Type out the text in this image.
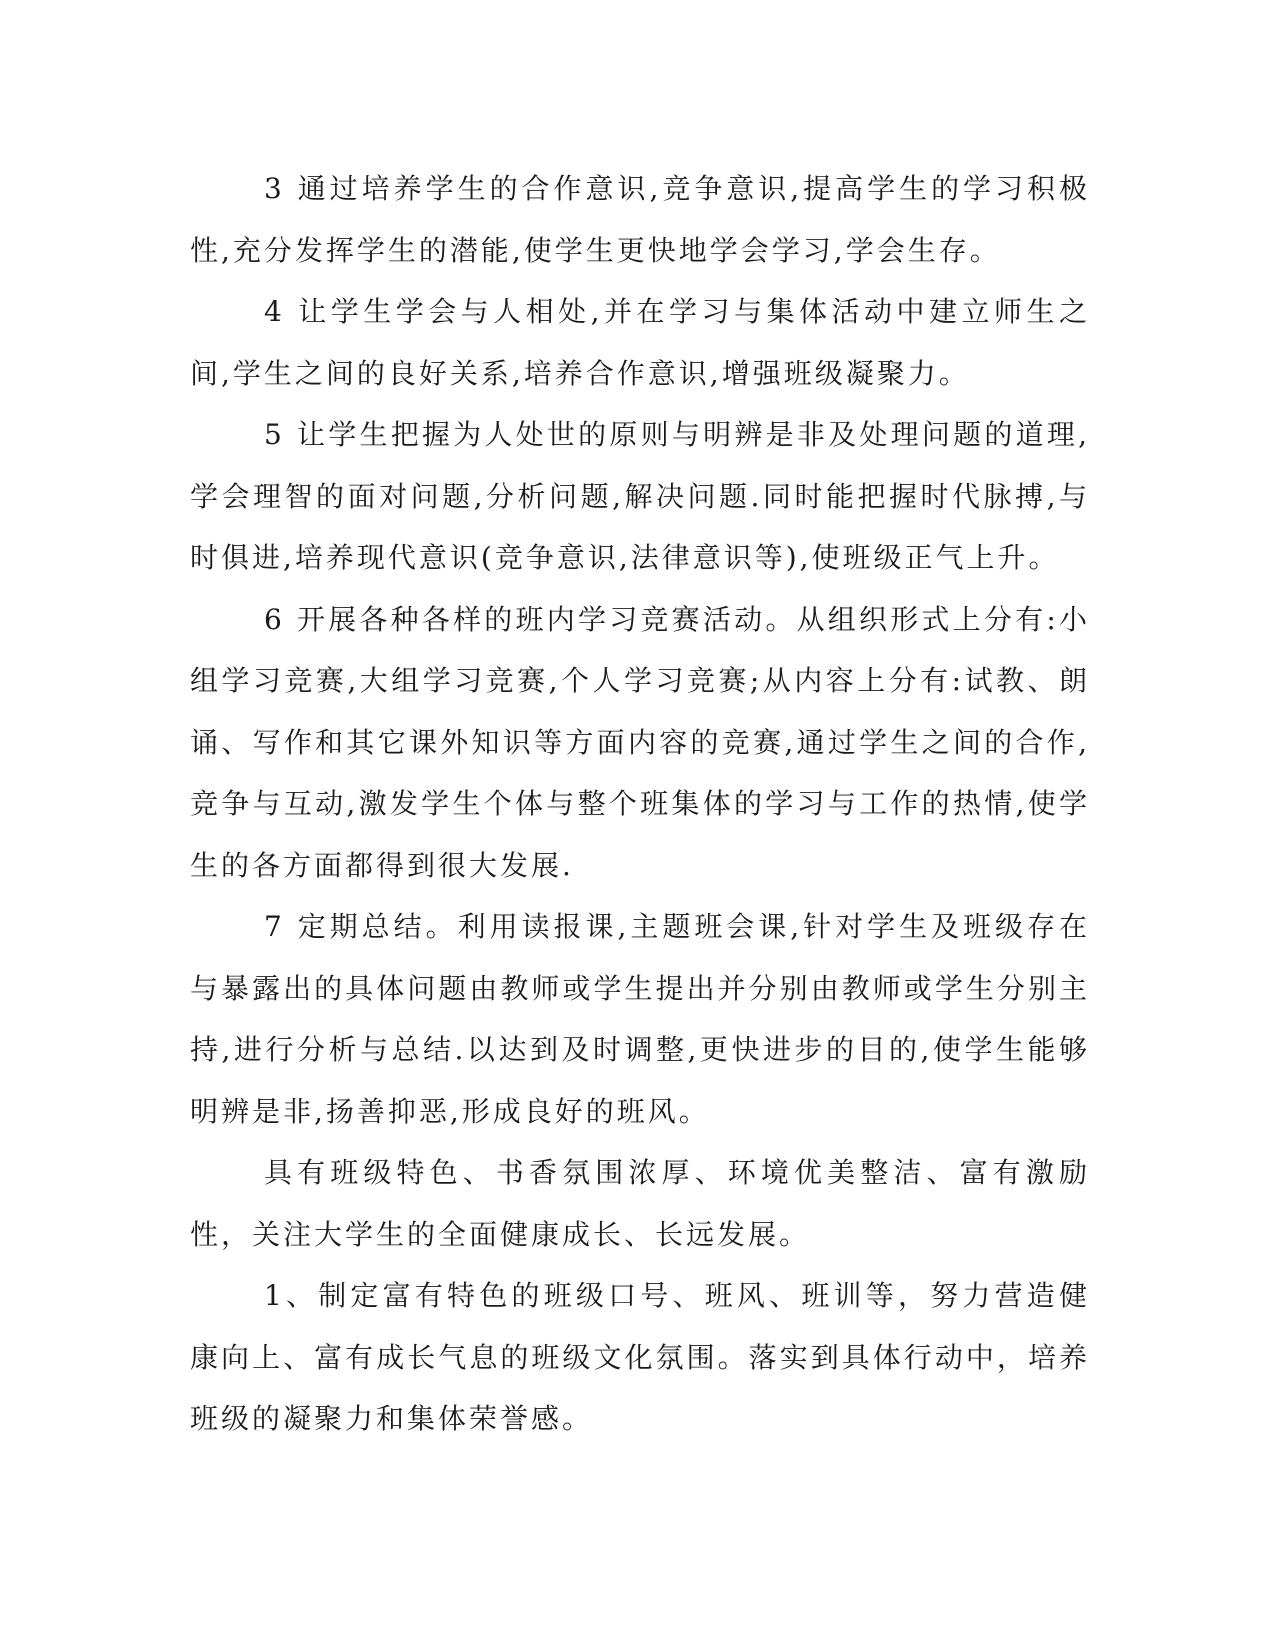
3 通过培养学生的合作意识,竞争意识,提高学生的学习积极性,充分发挥学生的潜能,使学生更快地学会学习,学会生存。

4 让学生学会与人相处,并在学习与集体活动中建立师生之间,学生之间的良好关系,培养合作意识,增强班级凝聚力。

5 让学生把握为人处世的原则与明辨是非及处理问题的道理,学会理智的面对问题,分析问题,解决问题.同时能把握时代脉搏,与时俱进,培养现代意识(竞争意识,法律意识等),使班级正气上升。

6 开展各种各样的班内学习竞赛活动。从组织形式上分有:小组学习竞赛,大组学习竞赛,个人学习竞赛;从内容上分有:试教、朗诵、写作和其它课外知识等方面内容的竞赛,通过学生之间的合作,竞争与互动,激发学生个体与整个班集体的学习与工作的热情,使学生的各方面都得到很大发展.

7 定期总结。利用读报课,主题班会课,针对学生及班级存在与暴露出的具体问题由教师或学生提出并分别由教师或学生分别主持,进行分析与总结.以达到及时调整,更快进步的目的,使学生能够明辨是非,扬善抑恶,形成良好的班风。

具有班级特色、书香氛围浓厚、环境优美整洁、富有激励性，关注大学生的全面健康成长、长远发展。

1、制定富有特色的班级口号、班风、班训等，努力营造健康向上、富有成长气息的班级文化氛围。落实到具体行动中，培养班级的凝聚力和集体荣誉感。
